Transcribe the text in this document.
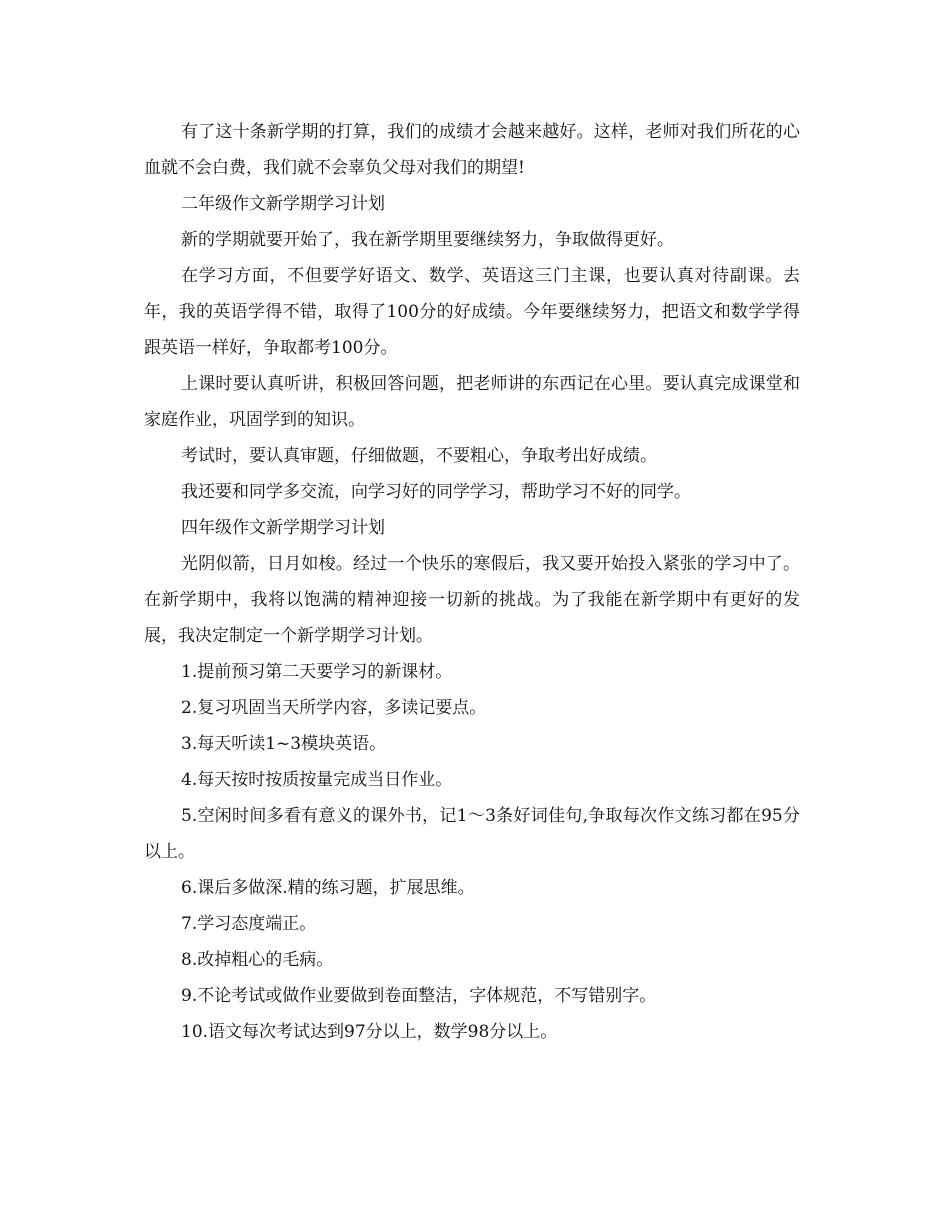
有了这十条新学期的打算，我们的成绩才会越来越好。这样，老师对我们所花的心血就不会白费，我们就不会辜负父母对我们的期望!

二年级作文新学期学习计划

新的学期就要开始了，我在新学期里要继续努力，争取做得更好。

在学习方面，不但要学好语文、数学、英语这三门主课，也要认真对待副课。去年，我的英语学得不错，取得了100分的好成绩。今年要继续努力，把语文和数学学得跟英语一样好，争取都考100分。

上课时要认真听讲，积极回答问题，把老师讲的东西记在心里。要认真完成课堂和家庭作业，巩固学到的知识。

考试时，要认真审题，仔细做题，不要粗心，争取考出好成绩。

我还要和同学多交流，向学习好的同学学习，帮助学习不好的同学。

四年级作文新学期学习计划

光阴似箭，日月如梭。经过一个快乐的寒假后，我又要开始投入紧张的学习中了。在新学期中，我将以饱满的精神迎接一切新的挑战。为了我能在新学期中有更好的发展，我决定制定一个新学期学习计划。

1.提前预习第二天要学习的新课材。

2.复习巩固当天所学内容，多读记要点。

3.每天听读1~3模块英语。

4.每天按时按质按量完成当日作业。

5.空闲时间多看有意义的课外书，记1～3条好词佳句,争取每次作文练习都在95分以上。

6.课后多做深.精的练习题，扩展思维。

7.学习态度端正。

8.改掉粗心的毛病。

9.不论考试或做作业要做到卷面整洁，字体规范，不写错别字。

10.语文每次考试达到97分以上，数学98分以上。
